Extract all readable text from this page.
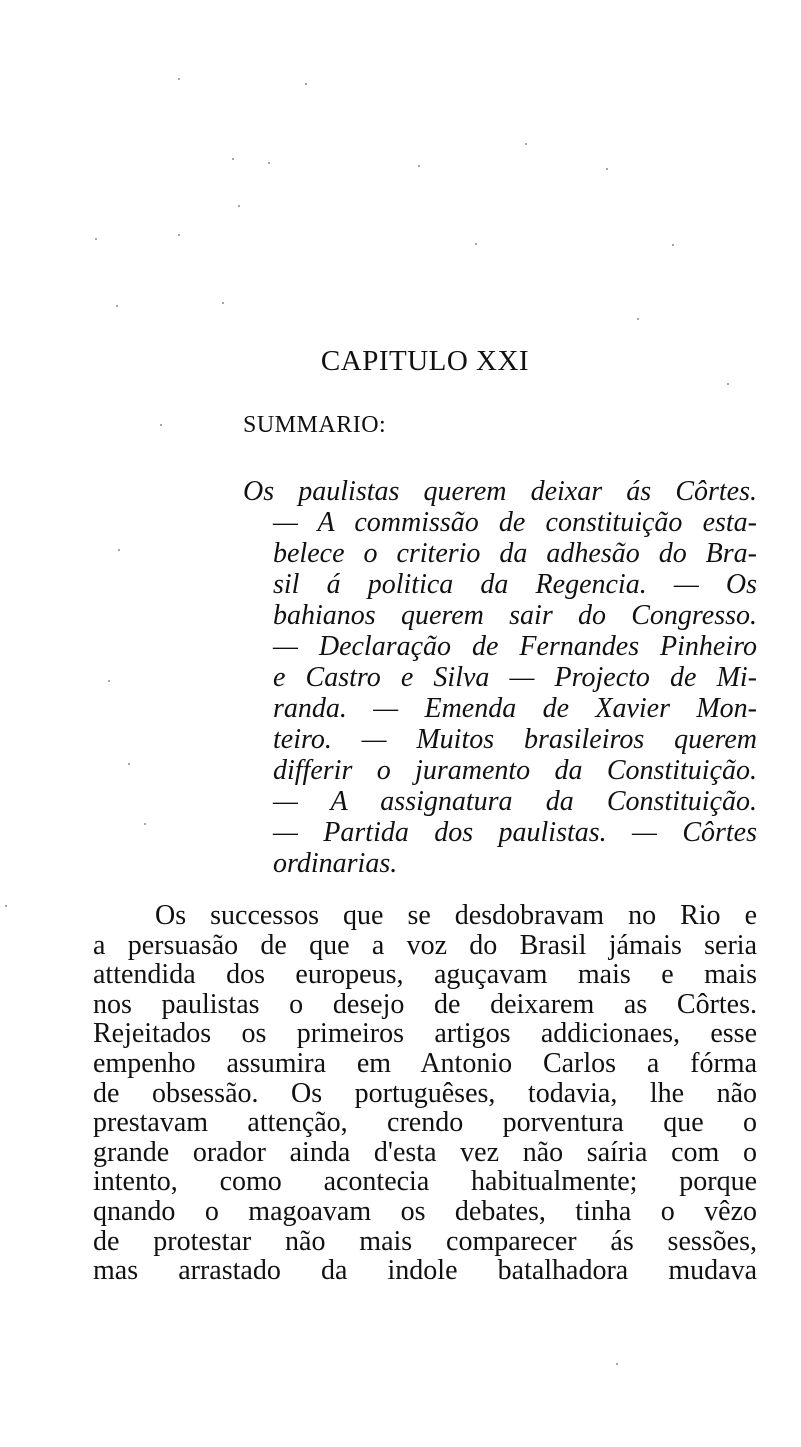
CAPITULO XXI
SUMMARIO:
Os paulistas querem deixar ás Côrtes.
— A commissão de constituição esta-
belece o criterio da adhesão do Bra-
sil á politica da Regencia. — Os
bahianos querem sair do Congresso.
— Declaração de Fernandes Pinheiro
e Castro e Silva — Projecto de Mi-
randa. — Emenda de Xavier Mon-
teiro. — Muitos brasileiros querem
differir o juramento da Constituição.
— A assignatura da Constituição.
— Partida dos paulistas. — Côrtes
ordinarias.
Os successos que se desdobravam no Rio e
a persuasão de que a voz do Brasil jámais seria
attendida dos europeus, aguçavam mais e mais
nos paulistas o desejo de deixarem as Côrtes.
Rejeitados os primeiros artigos addicionaes, esse
empenho assumira em Antonio Carlos a fórma
de obsessão. Os portuguêses, todavia, lhe não
prestavam attenção, crendo porventura que o
grande orador ainda d'esta vez não saíria com o
intento, como acontecia habitualmente; porque
qnando o magoavam os debates, tinha o vêzo
de protestar não mais comparecer ás sessões,
mas arrastado da indole batalhadora mudava
